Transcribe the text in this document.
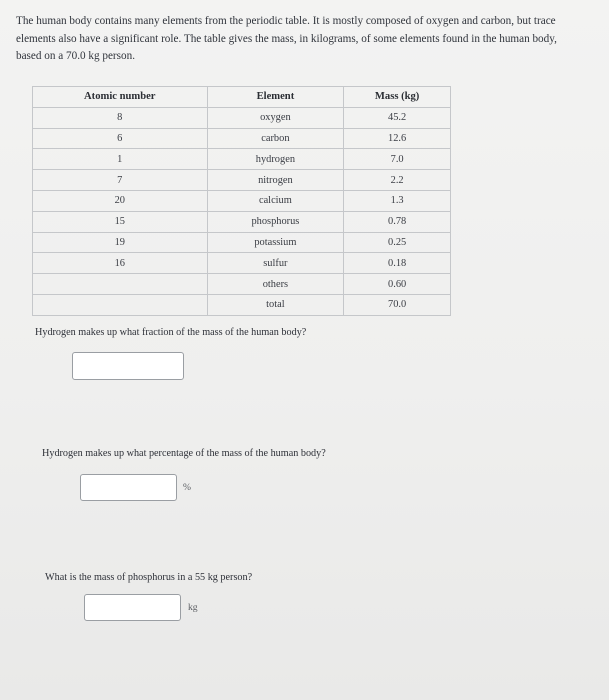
The human body contains many elements from the periodic table. It is mostly composed of oxygen and carbon, but trace
elements also have a significant role. The table gives the mass, in kilograms, of some elements found in the human body,
based on a 70.0 kg person.
Atomic number	Element	Mass (kg)
8	oxygen	45.2
6	carbon	12.6
1	hydrogen	7.0
7	nitrogen	2.2
20	calcium	1.3
15	phosphorus	0.78
19	potassium	0.25
16	sulfur	0.18
	others	0.60
	total	70.0
Hydrogen makes up what fraction of the mass of the human body?
Hydrogen makes up what percentage of the mass of the human body?
%
What is the mass of phosphorus in a 55 kg person?
kg
